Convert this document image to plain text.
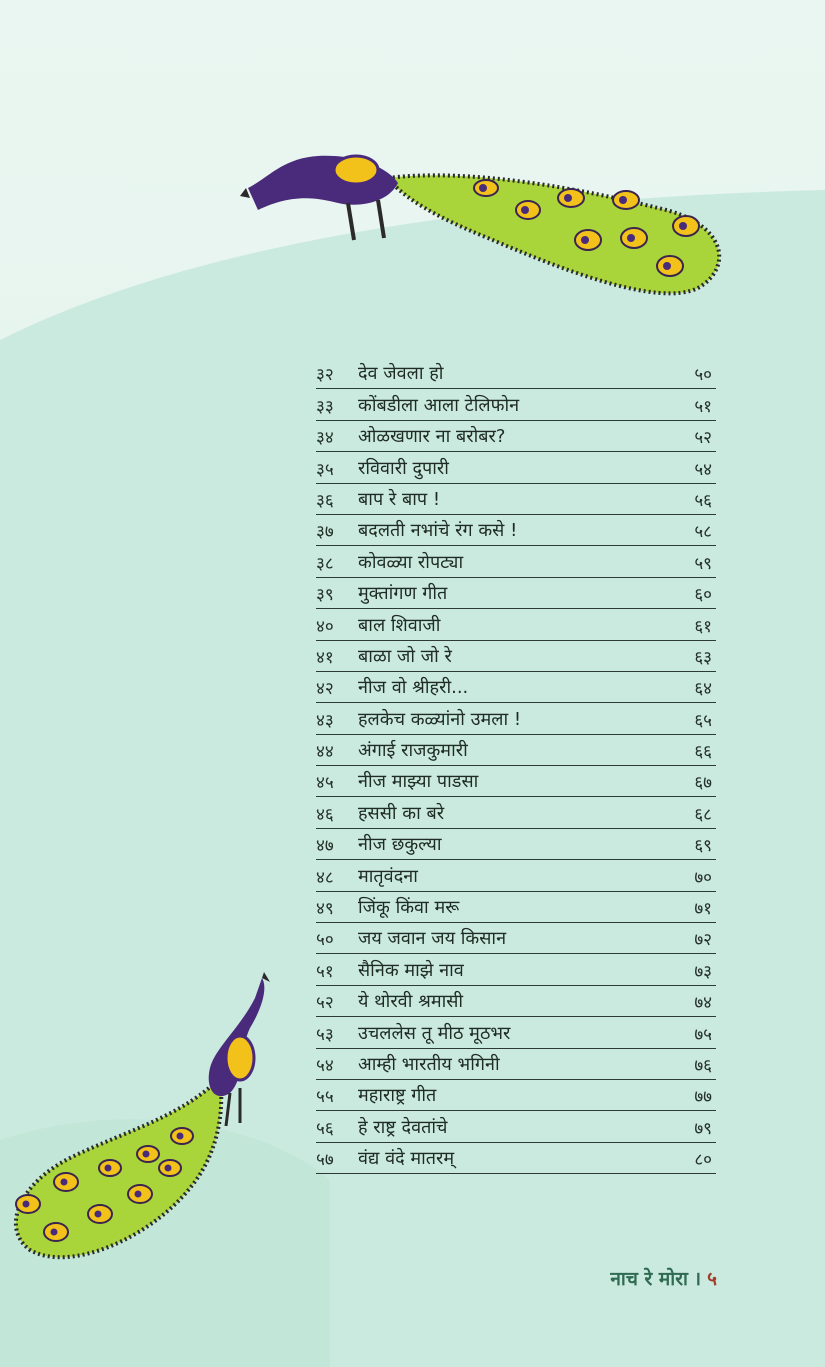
३२ देव जेवला हो	५०
३३ कोंबडीला आला टेलिफोन	५१
३४ ओळखणार ना बरोबर?	५२
३५ रविवारी दुपारी	५४
३६ बाप रे बाप !	५६
३७ बदलती नभांचे रंग कसे !	५८
३८ कोवळ्या रोपट्या	५९
३९ मुक्तांगण गीत	६०
४० बाल शिवाजी	६१
४१ बाळा जो जो रे	६३
४२ नीज वो श्रीहरी...	६४
४३ हलकेच कळ्यांनो उमला !	६५
४४ अंगाई राजकुमारी	६६
४५ नीज माझ्या पाडसा	६७
४६ हससी का बरे	६८
४७ नीज छकुल्या	६९
४८ मातृवंदना	७०
४९ जिंकू किंवा मरू	७१
५० जय जवान जय किसान	७२
५१ सैनिक माझे नाव	७३
५२ ये थोरवी श्रमासी	७४
५३ उचललेस तू मीठ मूठभर	७५
५४ आम्ही भारतीय भगिनी	७६
५५ महाराष्ट्र गीत	७७
५६ हे राष्ट्र देवतांचे	७९
५७ वंद्य वंदे मातरम्	८०
नाच रे मोरा । ५
